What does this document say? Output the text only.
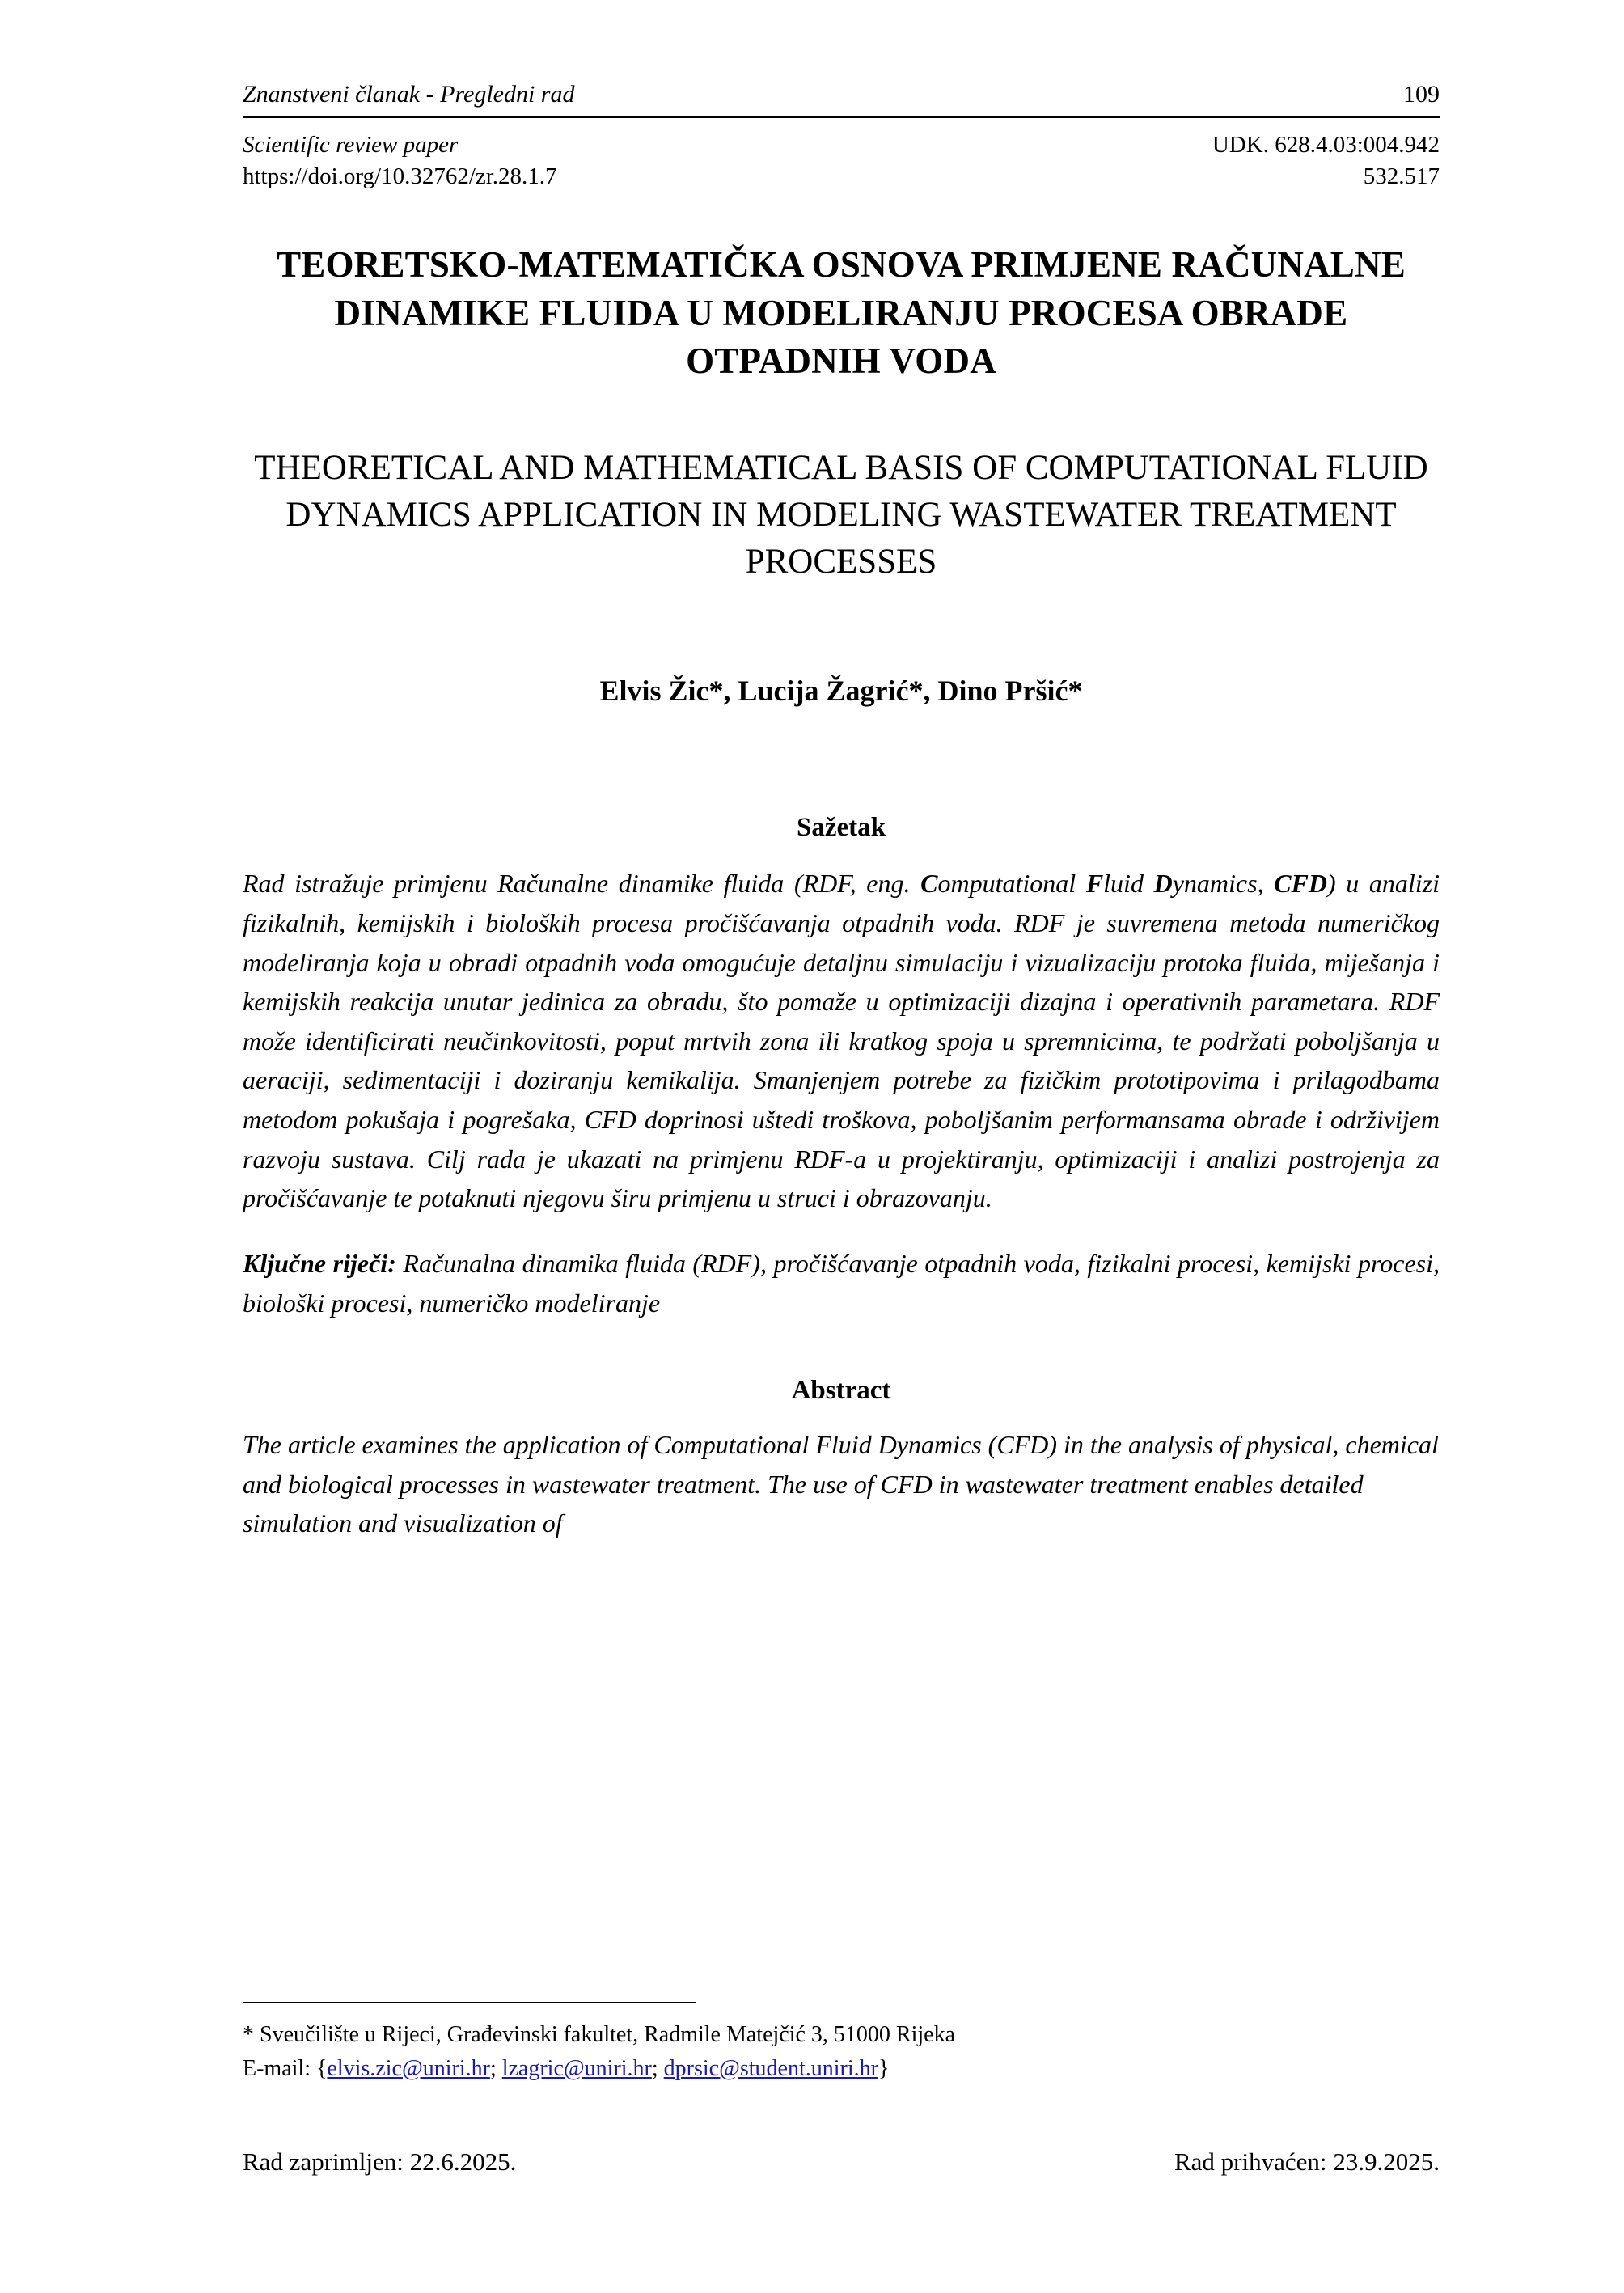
Znanstveni članak - Pregledni rad	109
Scientific review paper
https://doi.org/10.32762/zr.28.1.7
UDK. 628.4.03:004.942
532.517
TEORETSKO-MATEMATIČKA OSNOVA PRIMJENE RAČUNALNE DINAMIKE FLUIDA U MODELIRANJU PROCESA OBRADE OTPADNIH VODA
THEORETICAL AND MATHEMATICAL BASIS OF COMPUTATIONAL FLUID DYNAMICS APPLICATION IN MODELING WASTEWATER TREATMENT PROCESSES
Elvis Žic*, Lucija Žagrić*, Dino Pršić*
Sažetak

Rad istražuje primjenu Računalne dinamike fluida (RDF, eng. Computational Fluid Dynamics, CFD) u analizi fizikalnih, kemijskih i bioloških procesa pročišćavanja otpadnih voda. RDF je suvremena metoda numeričkog modeliranja koja u obradi otpadnih voda omogućuje detaljnu simulaciju i vizualizaciju protoka fluida, miješanja i kemijskih reakcija unutar jedinica za obradu, što pomaže u optimizaciji dizajna i operativnih parametara. RDF može identificirati neučinkovitosti, poput mrtvih zona ili kratkog spoja u spremnicima, te podržati poboljšanja u aeraciji, sedimentaciji i doziranju kemikalija. Smanjenjem potrebe za fizičkim prototipovima i prilagodbama metodom pokušaja i pogrešaka, CFD doprinosi uštedi troškova, poboljšanim performansama obrade i održivijem razvoju sustava. Cilj rada je ukazati na primjenu RDF-a u projektiranju, optimizaciji i analizi postrojenja za pročišćavanje te potaknuti njegovu širu primjenu u struci i obrazovanju.

Ključne riječi: Računalna dinamika fluida (RDF), pročišćavanje otpadnih voda, fizikalni procesi, kemijski procesi, biološki procesi, numeričko modeliranje

Abstract

The article examines the application of Computational Fluid Dynamics (CFD) in the analysis of physical, chemical and biological processes in wastewater treatment. The use of CFD in wastewater treatment enables detailed simulation and visualization of

* Sveučilište u Rijeci, Građevinski fakultet, Radmile Matejčić 3, 51000 Rijeka
E-mail: {elvis.zic@uniri.hr; lzagric@uniri.hr; dprsic@student.uniri.hr}
Rad zaprimljen: 22.6.2025.	Rad prihvaćen: 23.9.2025.
